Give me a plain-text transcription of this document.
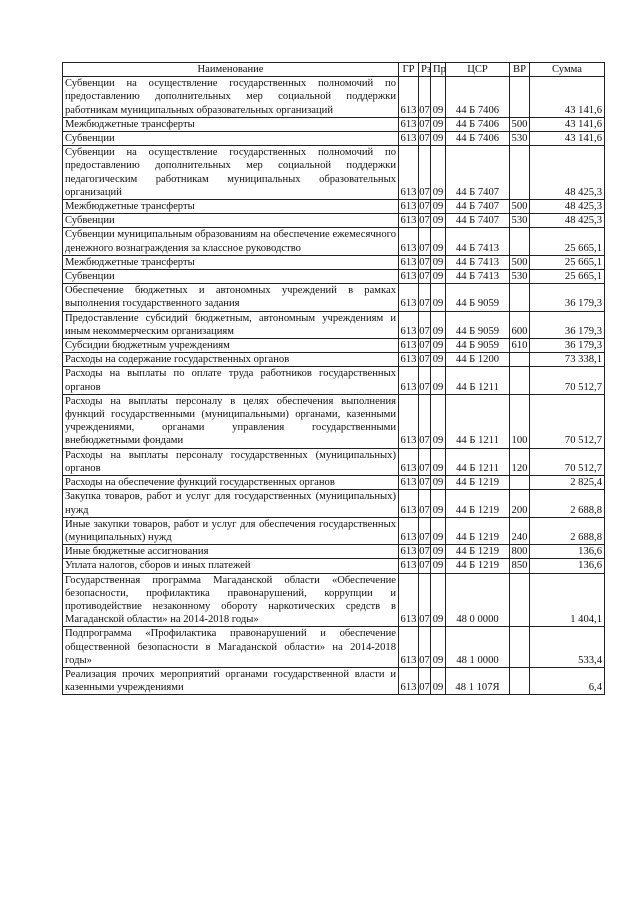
Наименование	ГР	Рз	Пр	ЦСР	ВР	Сумма
Субвенции на осуществление государственных полномочий по предоставлению дополнительных мер социальной поддержки работникам муниципальных образовательных организаций	613	07	09	44 Б 7406		43 141,6
Межбюджетные трансферты	613	07	09	44 Б 7406	500	43 141,6
Субвенции	613	07	09	44 Б 7406	530	43 141,6
Субвенции на осуществление государственных полномочий по предоставлению дополнительных мер социальной поддержки педагогическим работникам муниципальных образовательных организаций	613	07	09	44 Б 7407		48 425,3
Межбюджетные трансферты	613	07	09	44 Б 7407	500	48 425,3
Субвенции	613	07	09	44 Б 7407	530	48 425,3
Субвенции муниципальным образованиям на обеспечение ежемесячного денежного вознаграждения за классное руководство	613	07	09	44 Б 7413		25 665,1
Межбюджетные трансферты	613	07	09	44 Б 7413	500	25 665,1
Субвенции	613	07	09	44 Б 7413	530	25 665,1
Обеспечение бюджетных и автономных учреждений в рамках выполнения государственного задания	613	07	09	44 Б 9059		36 179,3
Предоставление субсидий бюджетным, автономным учреждениям и иным некоммерческим организациям	613	07	09	44 Б 9059	600	36 179,3
Субсидии бюджетным учреждениям	613	07	09	44 Б 9059	610	36 179,3
Расходы на содержание государственных органов	613	07	09	44 Б 1200		73 338,1
Расходы на выплаты по оплате труда работников государственных органов	613	07	09	44 Б 1211		70 512,7
Расходы на выплаты персоналу в целях обеспечения выполнения функций государственными (муниципальными) органами, казенными учреждениями, органами управления государственными внебюджетными фондами	613	07	09	44 Б 1211	100	70 512,7
Расходы на выплаты персоналу государственных (муниципальных) органов	613	07	09	44 Б 1211	120	70 512,7
Расходы на обеспечение функций государственных органов	613	07	09	44 Б 1219		2 825,4
Закупка товаров, работ и услуг для государственных (муниципальных) нужд	613	07	09	44 Б 1219	200	2 688,8
Иные закупки товаров, работ и услуг для обеспечения государственных (муниципальных) нужд	613	07	09	44 Б 1219	240	2 688,8
Иные бюджетные ассигнования	613	07	09	44 Б 1219	800	136,6
Уплата налогов, сборов и иных платежей	613	07	09	44 Б 1219	850	136,6
Государственная программа Магаданской области «Обеспечение безопасности, профилактика правонарушений, коррупции и противодействие незаконному обороту наркотических средств в Магаданской области» на 2014-2018 годы»	613	07	09	48 0 0000		1 404,1
Подпрограмма «Профилактика правонарушений и обеспечение общественной безопасности в Магаданской области» на 2014-2018 годы»	613	07	09	48 1 0000		533,4
Реализация прочих мероприятий органами государственной власти и казенными учреждениями	613	07	09	48 1 107Я		6,4
